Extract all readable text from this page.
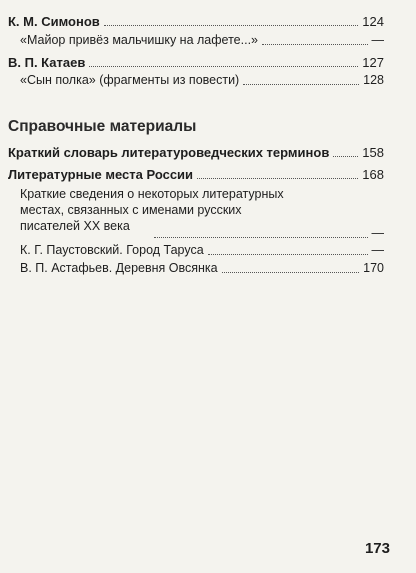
К. М. Симонов	124
«Майор привёз мальчишку на лафете...»	—
В. П. Катаев	127
«Сын полка» (фрагменты из повести)	128
Справочные материалы
Краткий словарь литературоведческих терминов	158
Литературные места России	168
Краткие сведения о некоторых литературных
местах, связанных с именами русских
писателей XX века	—
К. Г. Паустовский. Город Таруса	—
В. П. Астафьев. Деревня Овсянка	170
173
